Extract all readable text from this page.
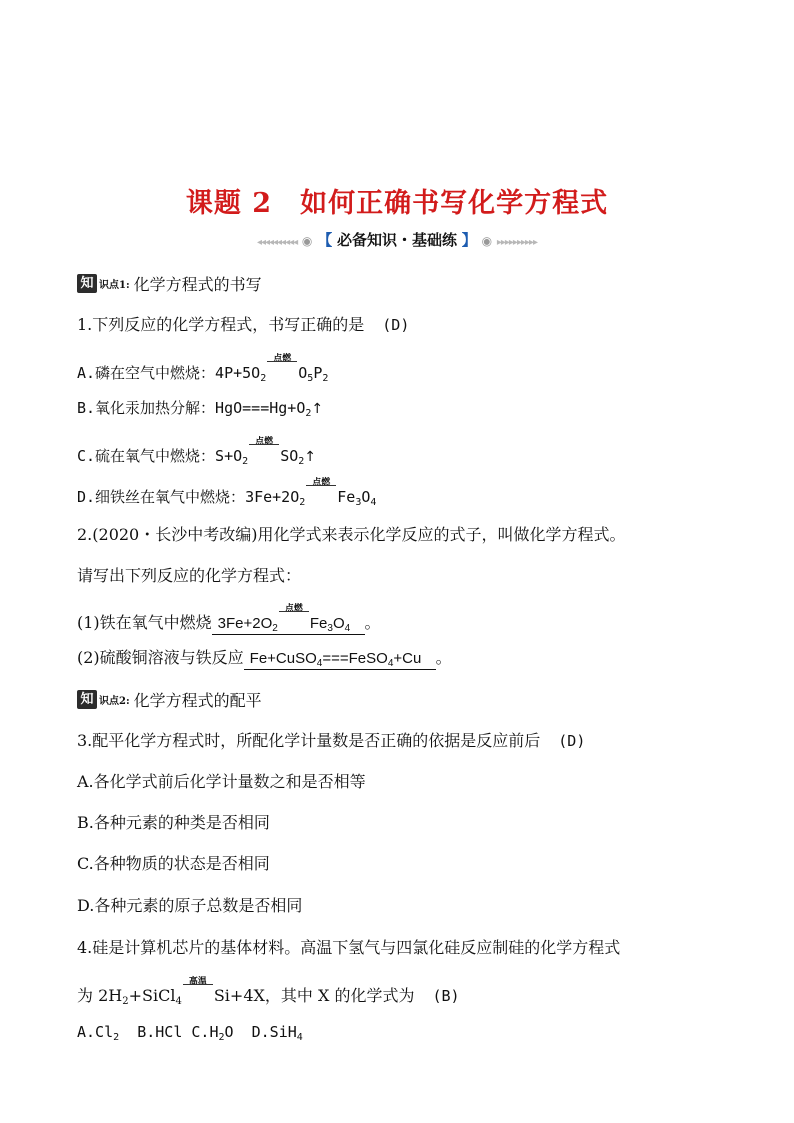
课题 2　如何正确书写化学方程式
◂◂◂◂◂◂◂◂◂◂ ◉ 【 必备知识・基础练 】 ◉ ▸▸▸▸▸▸▸▸▸▸
知 识点1: 化学方程式的书写
1.下列反应的化学方程式，书写正确的是 (D)
A.磷在空气中燃烧：$4P+5O_2$
点燃
$O_5P_2$
B.氧化汞加热分解：$HgO===Hg+O_2↑$
C.硫在氧气中燃烧：$S+O_2$
点燃
$SO_2↑$
D.细铁丝在氧气中燃烧：$3Fe+2O_2$
点燃
$Fe_3O_4$
2.(2020・长沙中考改编)用化学式来表示化学反应的式子，叫做化学方程式。
请写出下列反应的化学方程式：
(1)铁在氧气中燃烧 $3Fe+2O_2$
点燃
$Fe_3O_4$ 。
(2)硫酸铜溶液与铁反应 Fe+CuSO$_4$===FeSO$_4$+Cu 。
知 识点2: 化学方程式的配平
3.配平化学方程式时，所配化学计量数是否正确的依据是反应前后 (D)
A.各化学式前后化学计量数之和是否相等
B.各种元素的种类是否相同
C.各种物质的状态是否相同
D.各种元素的原子总数是否相同
4.硅是计算机芯片的基体材料。高温下氢气与四氯化硅反应制硅的化学方程式
为 $2H_2+SiCl_4$
高温
Si+4X，其中 X 的化学式为 (B)
$A.Cl_2$ B.HCl $C.H_2O$ D.SiH$_4$
